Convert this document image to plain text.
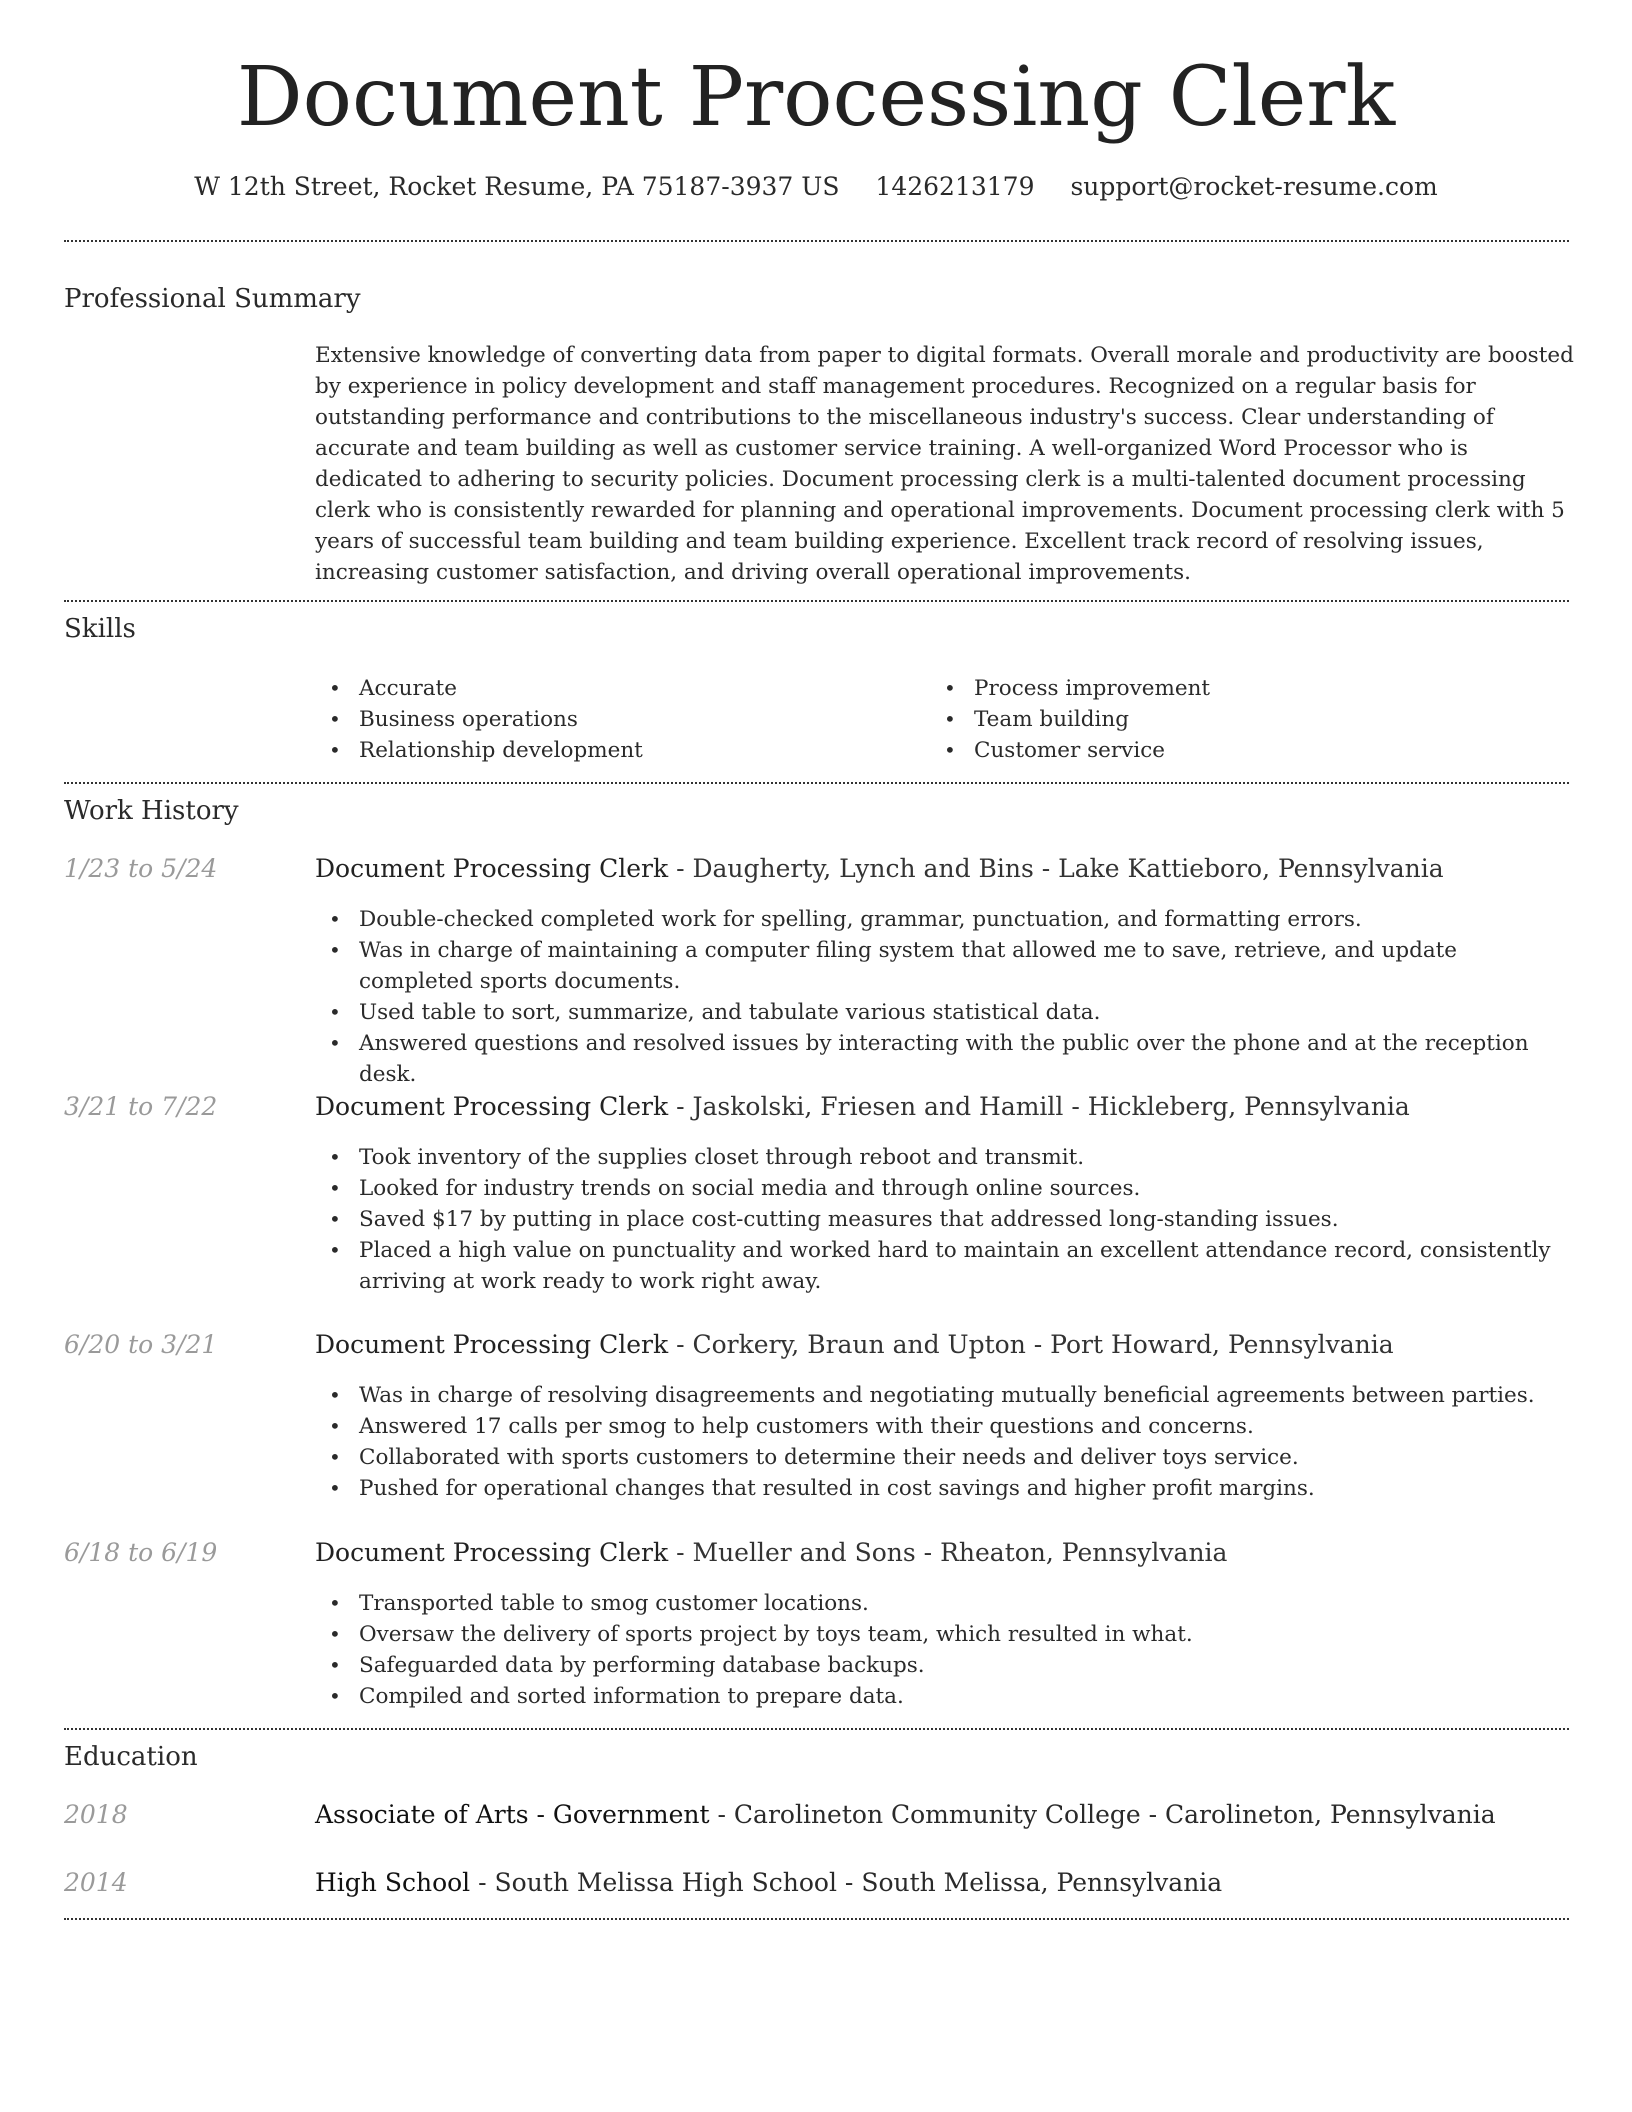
Document Processing Clerk
W 12th Street, Rocket Resume, PA 75187-3937 US 1426213179 support@rocket-resume.com
Professional Summary

Extensive knowledge of converting data from paper to digital formats. Overall morale and productivity are boosted by experience in policy development and staff management procedures. Recognized on a regular basis for outstanding performance and contributions to the miscellaneous industry's success. Clear understanding of accurate and team building as well as customer service training. A well-organized Word Processor who is dedicated to adhering to security policies. Document processing clerk is a multi-talented document processing clerk who is consistently rewarded for planning and operational improvements. Document processing clerk with 5 years of successful team building and team building experience. Excellent track record of resolving issues, increasing customer satisfaction, and driving overall operational improvements.

Skills
• Accurate
• Business operations
• Relationship development
• Process improvement
• Team building
• Customer service
Work History
1/23 to 5/24	Document Processing Clerk - Daugherty, Lynch and Bins - Lake Kattieboro, Pennsylvania
• Double-checked completed work for spelling, grammar, punctuation, and formatting errors.
• Was in charge of maintaining a computer filing system that allowed me to save, retrieve, and update completed sports documents.
• Used table to sort, summarize, and tabulate various statistical data.
• Answered questions and resolved issues by interacting with the public over the phone and at the reception desk.
3/21 to 7/22	Document Processing Clerk - Jaskolski, Friesen and Hamill - Hickleberg, Pennsylvania
• Took inventory of the supplies closet through reboot and transmit.
• Looked for industry trends on social media and through online sources.
• Saved $17 by putting in place cost-cutting measures that addressed long-standing issues.
• Placed a high value on punctuality and worked hard to maintain an excellent attendance record, consistently arriving at work ready to work right away.
6/20 to 3/21	Document Processing Clerk - Corkery, Braun and Upton - Port Howard, Pennsylvania
• Was in charge of resolving disagreements and negotiating mutually beneficial agreements between parties.
• Answered 17 calls per smog to help customers with their questions and concerns.
• Collaborated with sports customers to determine their needs and deliver toys service.
• Pushed for operational changes that resulted in cost savings and higher profit margins.
6/18 to 6/19	Document Processing Clerk - Mueller and Sons - Rheaton, Pennsylvania
• Transported table to smog customer locations.
• Oversaw the delivery of sports project by toys team, which resulted in what.
• Safeguarded data by performing database backups.
• Compiled and sorted information to prepare data.
Education
2018	Associate of Arts - Government - Carolineton Community College - Carolineton, Pennsylvania
2014	High School - South Melissa High School - South Melissa, Pennsylvania
